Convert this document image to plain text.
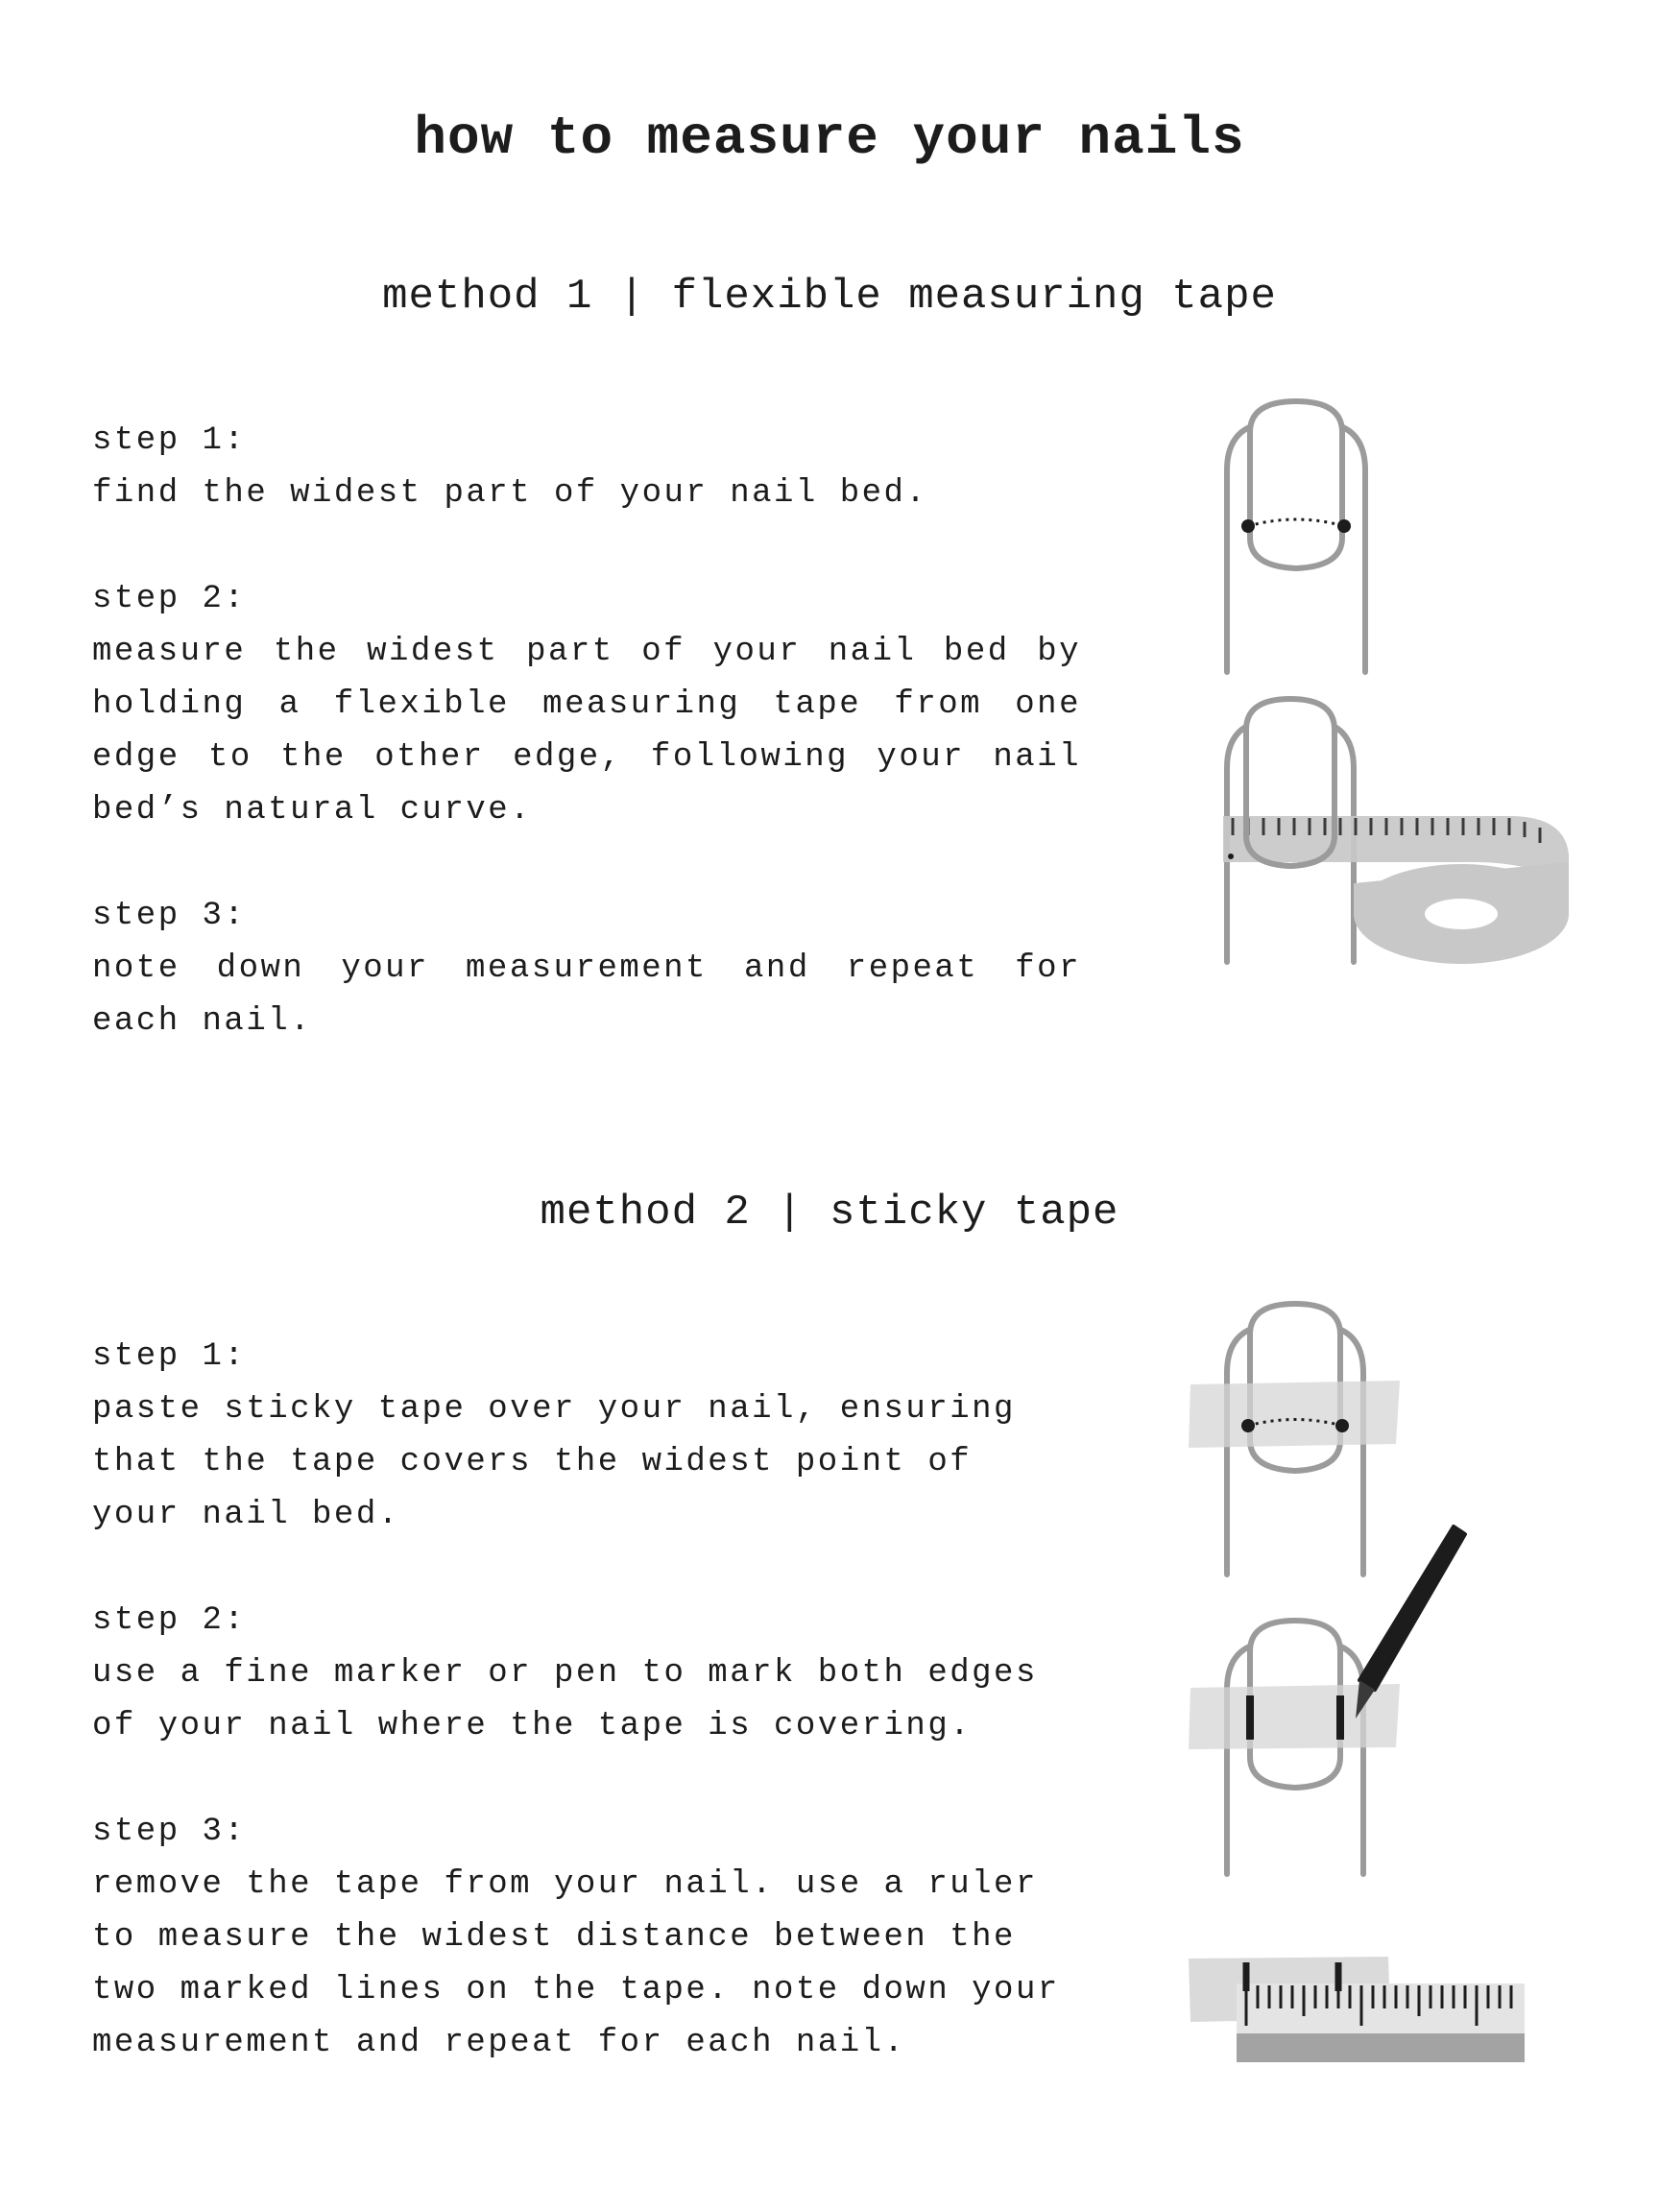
how to measure your nails
method 1 | flexible measuring tape
step 1:
find the widest part of your nail bed.
step 2:
measure the widest part of your nail bed by holding a flexible measuring tape from one edge to the other edge, following your nail bed’s natural curve.
step 3:
note down your measurement and repeat for each nail.
method 2 | sticky tape
step 1:
paste sticky tape over your nail, ensuring that the tape covers the widest point of your nail bed.
step 2:
use a fine marker or pen to mark both edges of your nail where the tape is covering.
step 3:
remove the tape from your nail. use a ruler to measure the widest distance between the two marked lines on the tape. note down your measurement and repeat for each nail.
